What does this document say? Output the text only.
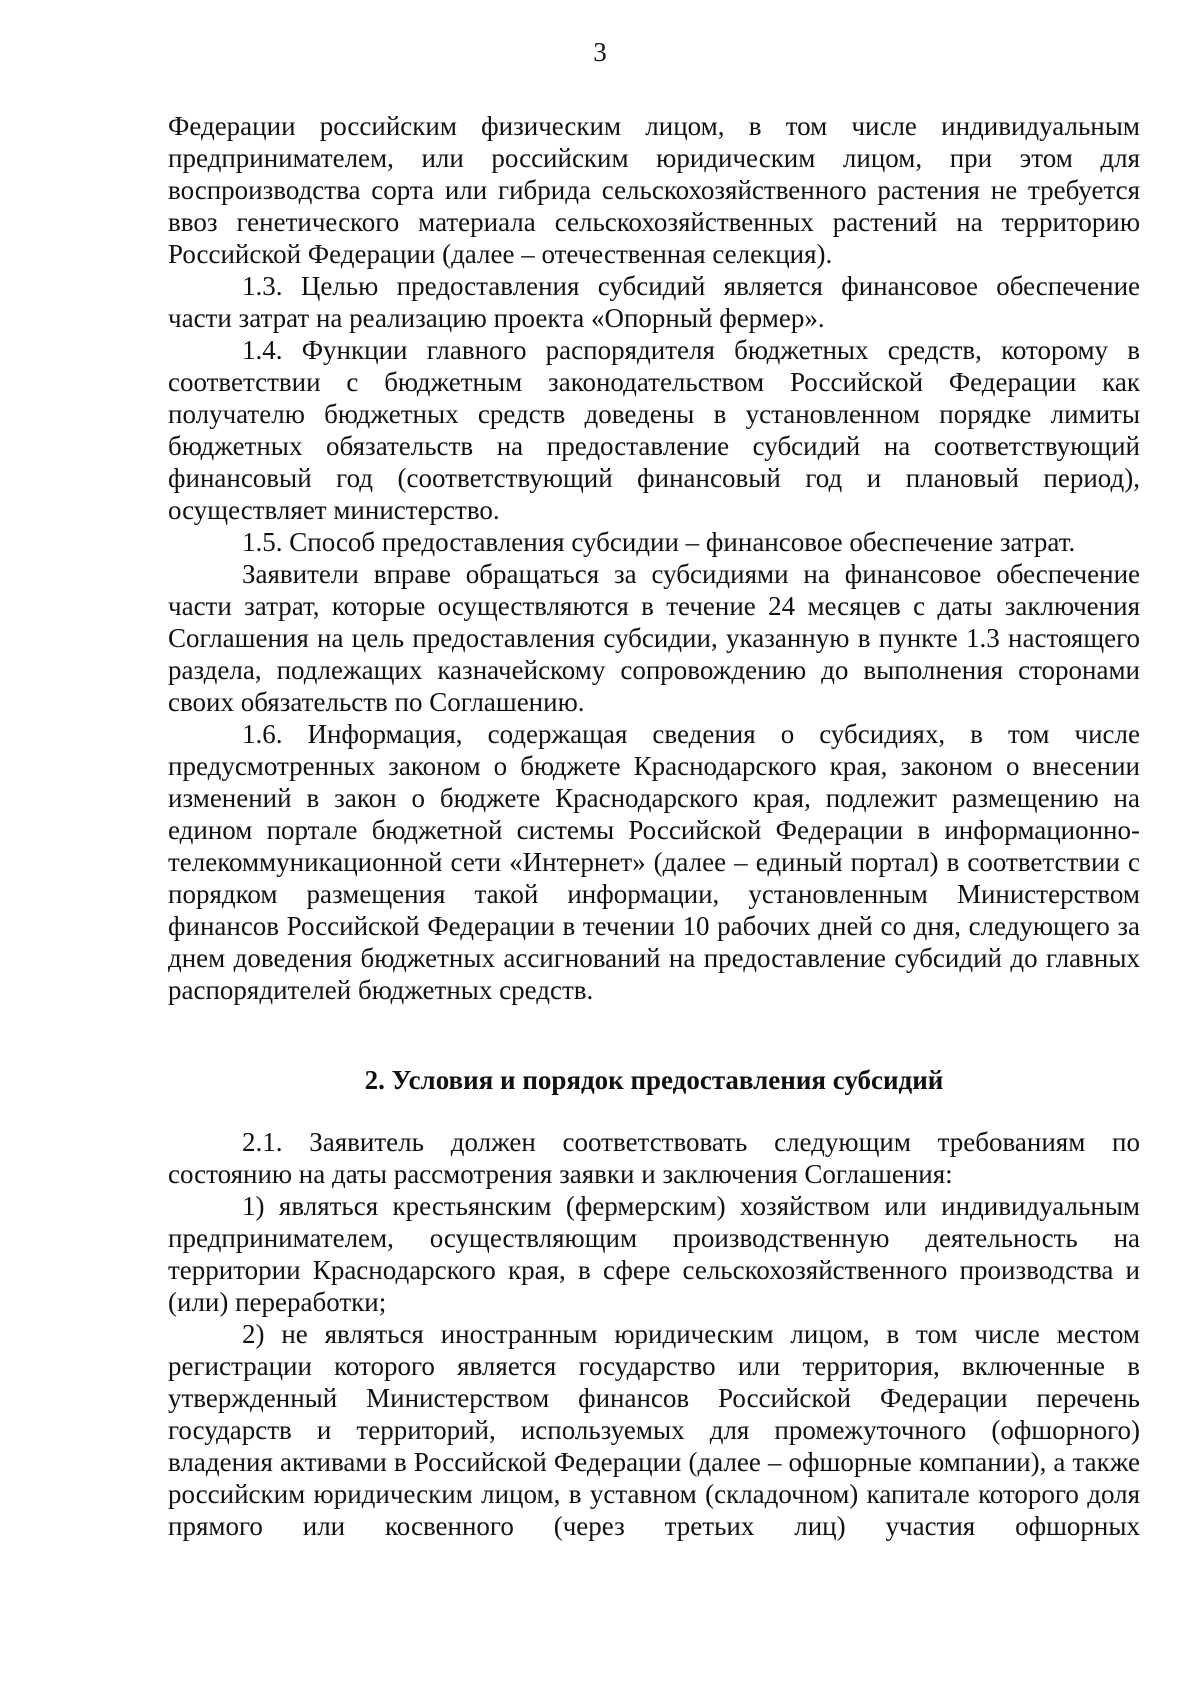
3

Федерации российским физическим лицом, в том числе индивидуальным предпринимателем, или российским юридическим лицом, при этом для воспроизводства сорта или гибрида сельскохозяйственного растения не требуется ввоз генетического материала сельскохозяйственных растений на территорию Российской Федерации (далее – отечественная селекция).

1.3. Целью предоставления субсидий является финансовое обеспечение части затрат на реализацию проекта «Опорный фермер».

1.4. Функции главного распорядителя бюджетных средств, которому в соответствии с бюджетным законодательством Российской Федерации как получателю бюджетных средств доведены в установленном порядке лимиты бюджетных обязательств на предоставление субсидий на соответствующий финансовый год (соответствующий финансовый год и плановый период), осуществляет министерство.

1.5. Способ предоставления субсидии – финансовое обеспечение затрат.

Заявители вправе обращаться за субсидиями на финансовое обеспечение части затрат, которые осуществляются в течение 24 месяцев с даты заключения Соглашения на цель предоставления субсидии, указанную в пункте 1.3 настоящего раздела, подлежащих казначейскому сопровождению до выполнения сторонами своих обязательств по Соглашению.

1.6. Информация, содержащая сведения о субсидиях, в том числе предусмотренных законом о бюджете Краснодарского края, законом о внесении изменений в закон о бюджете Краснодарского края, подлежит размещению на едином портале бюджетной системы Российской Федерации в информационно-телекоммуникационной сети «Интернет» (далее – единый портал) в соответствии с порядком размещения такой информации, установленным Министерством финансов Российской Федерации в течении 10 рабочих дней со дня, следующего за днем доведения бюджетных ассигнований на предоставление субсидий до главных распорядителей бюджетных средств.

2. Условия и порядок предоставления субсидий

2.1. Заявитель должен соответствовать следующим требованиям по состоянию на даты рассмотрения заявки и заключения Соглашения:

1) являться крестьянским (фермерским) хозяйством или индивидуальным предпринимателем, осуществляющим производственную деятельность на территории Краснодарского края, в сфере сельскохозяйственного производства и (или) переработки;

2) не являться иностранным юридическим лицом, в том числе местом регистрации которого является государство или территория, включенные в утвержденный Министерством финансов Российской Федерации перечень государств и территорий, используемых для промежуточного (офшорного) владения активами в Российской Федерации (далее – офшорные компании), а также российским юридическим лицом, в уставном (складочном) капитале которого доля прямого или косвенного (через третьих лиц) участия офшорных
